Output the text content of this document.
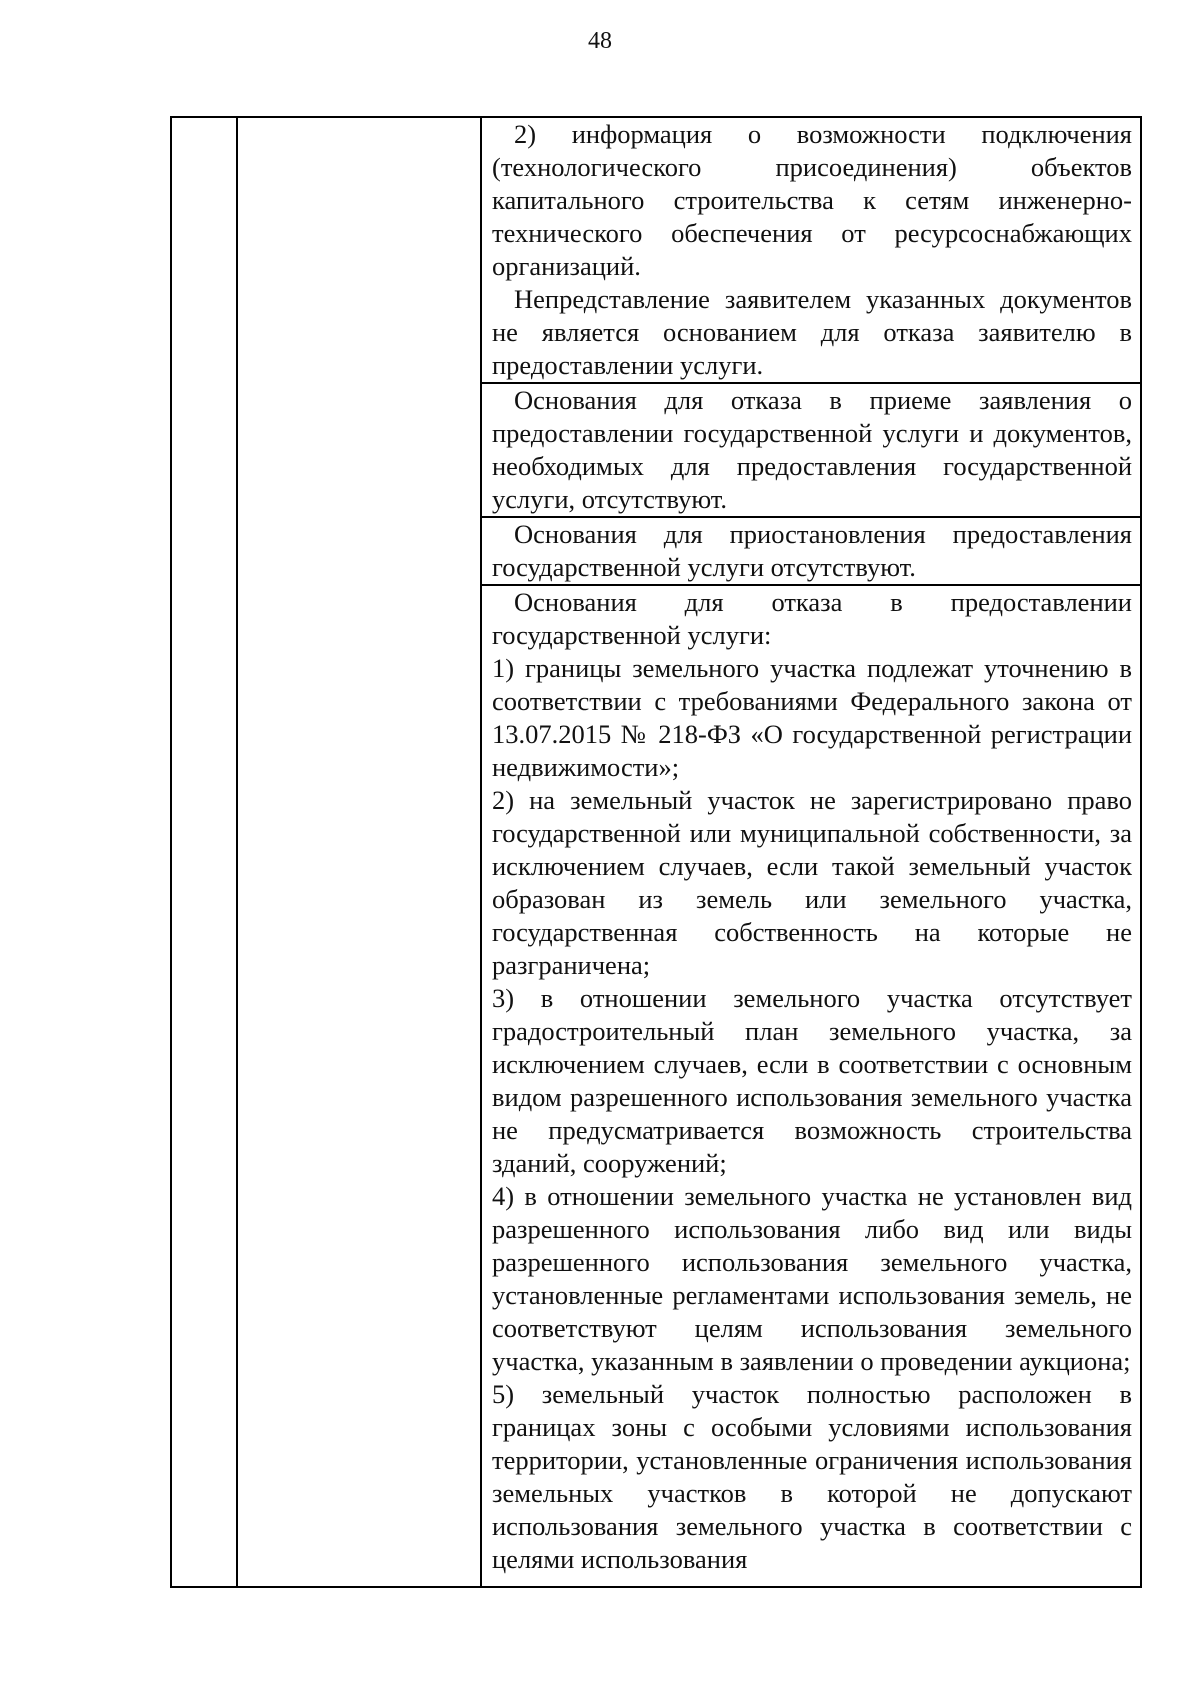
48

2) информация о возможности подключения (технологического присоединения) объектов капитального строительства к сетям инженерно-технического обеспечения от ресурсоснабжающих организаций.

Непредставление заявителем указанных документов не является основанием для отказа заявителю в предоставлении услуги.

Основания для отказа в приеме заявления о предоставлении государственной услуги и документов, необходимых для предоставления государственной услуги, отсутствуют.

Основания для приостановления предоставления государственной услуги отсутствуют.

Основания для отказа в предоставлении государственной услуги:

1) границы земельного участка подлежат уточнению в соответствии с требованиями Федерального закона от 13.07.2015 № 218-ФЗ «О государственной регистрации недвижимости»;

2) на земельный участок не зарегистрировано право государственной или муниципальной собственности, за исключением случаев, если такой земельный участок образован из земель или земельного участка, государственная собственность на которые не разграничена;

3) в отношении земельного участка отсутствует градостроительный план земельного участка, за исключением случаев, если в соответствии с основным видом разрешенного использования земельного участка не предусматривается возможность строительства зданий, сооружений;

4) в отношении земельного участка не установлен вид разрешенного использования либо вид или виды разрешенного использования земельного участка, установленные регламентами использования земель, не соответствуют целям использования земельного участка, указанным в заявлении о проведении аукциона;

5) земельный участок полностью расположен в границах зоны с особыми условиями использования территории, установленные ограничения использования земельных участков в которой не допускают использования земельного участка в соответствии с целями использования
